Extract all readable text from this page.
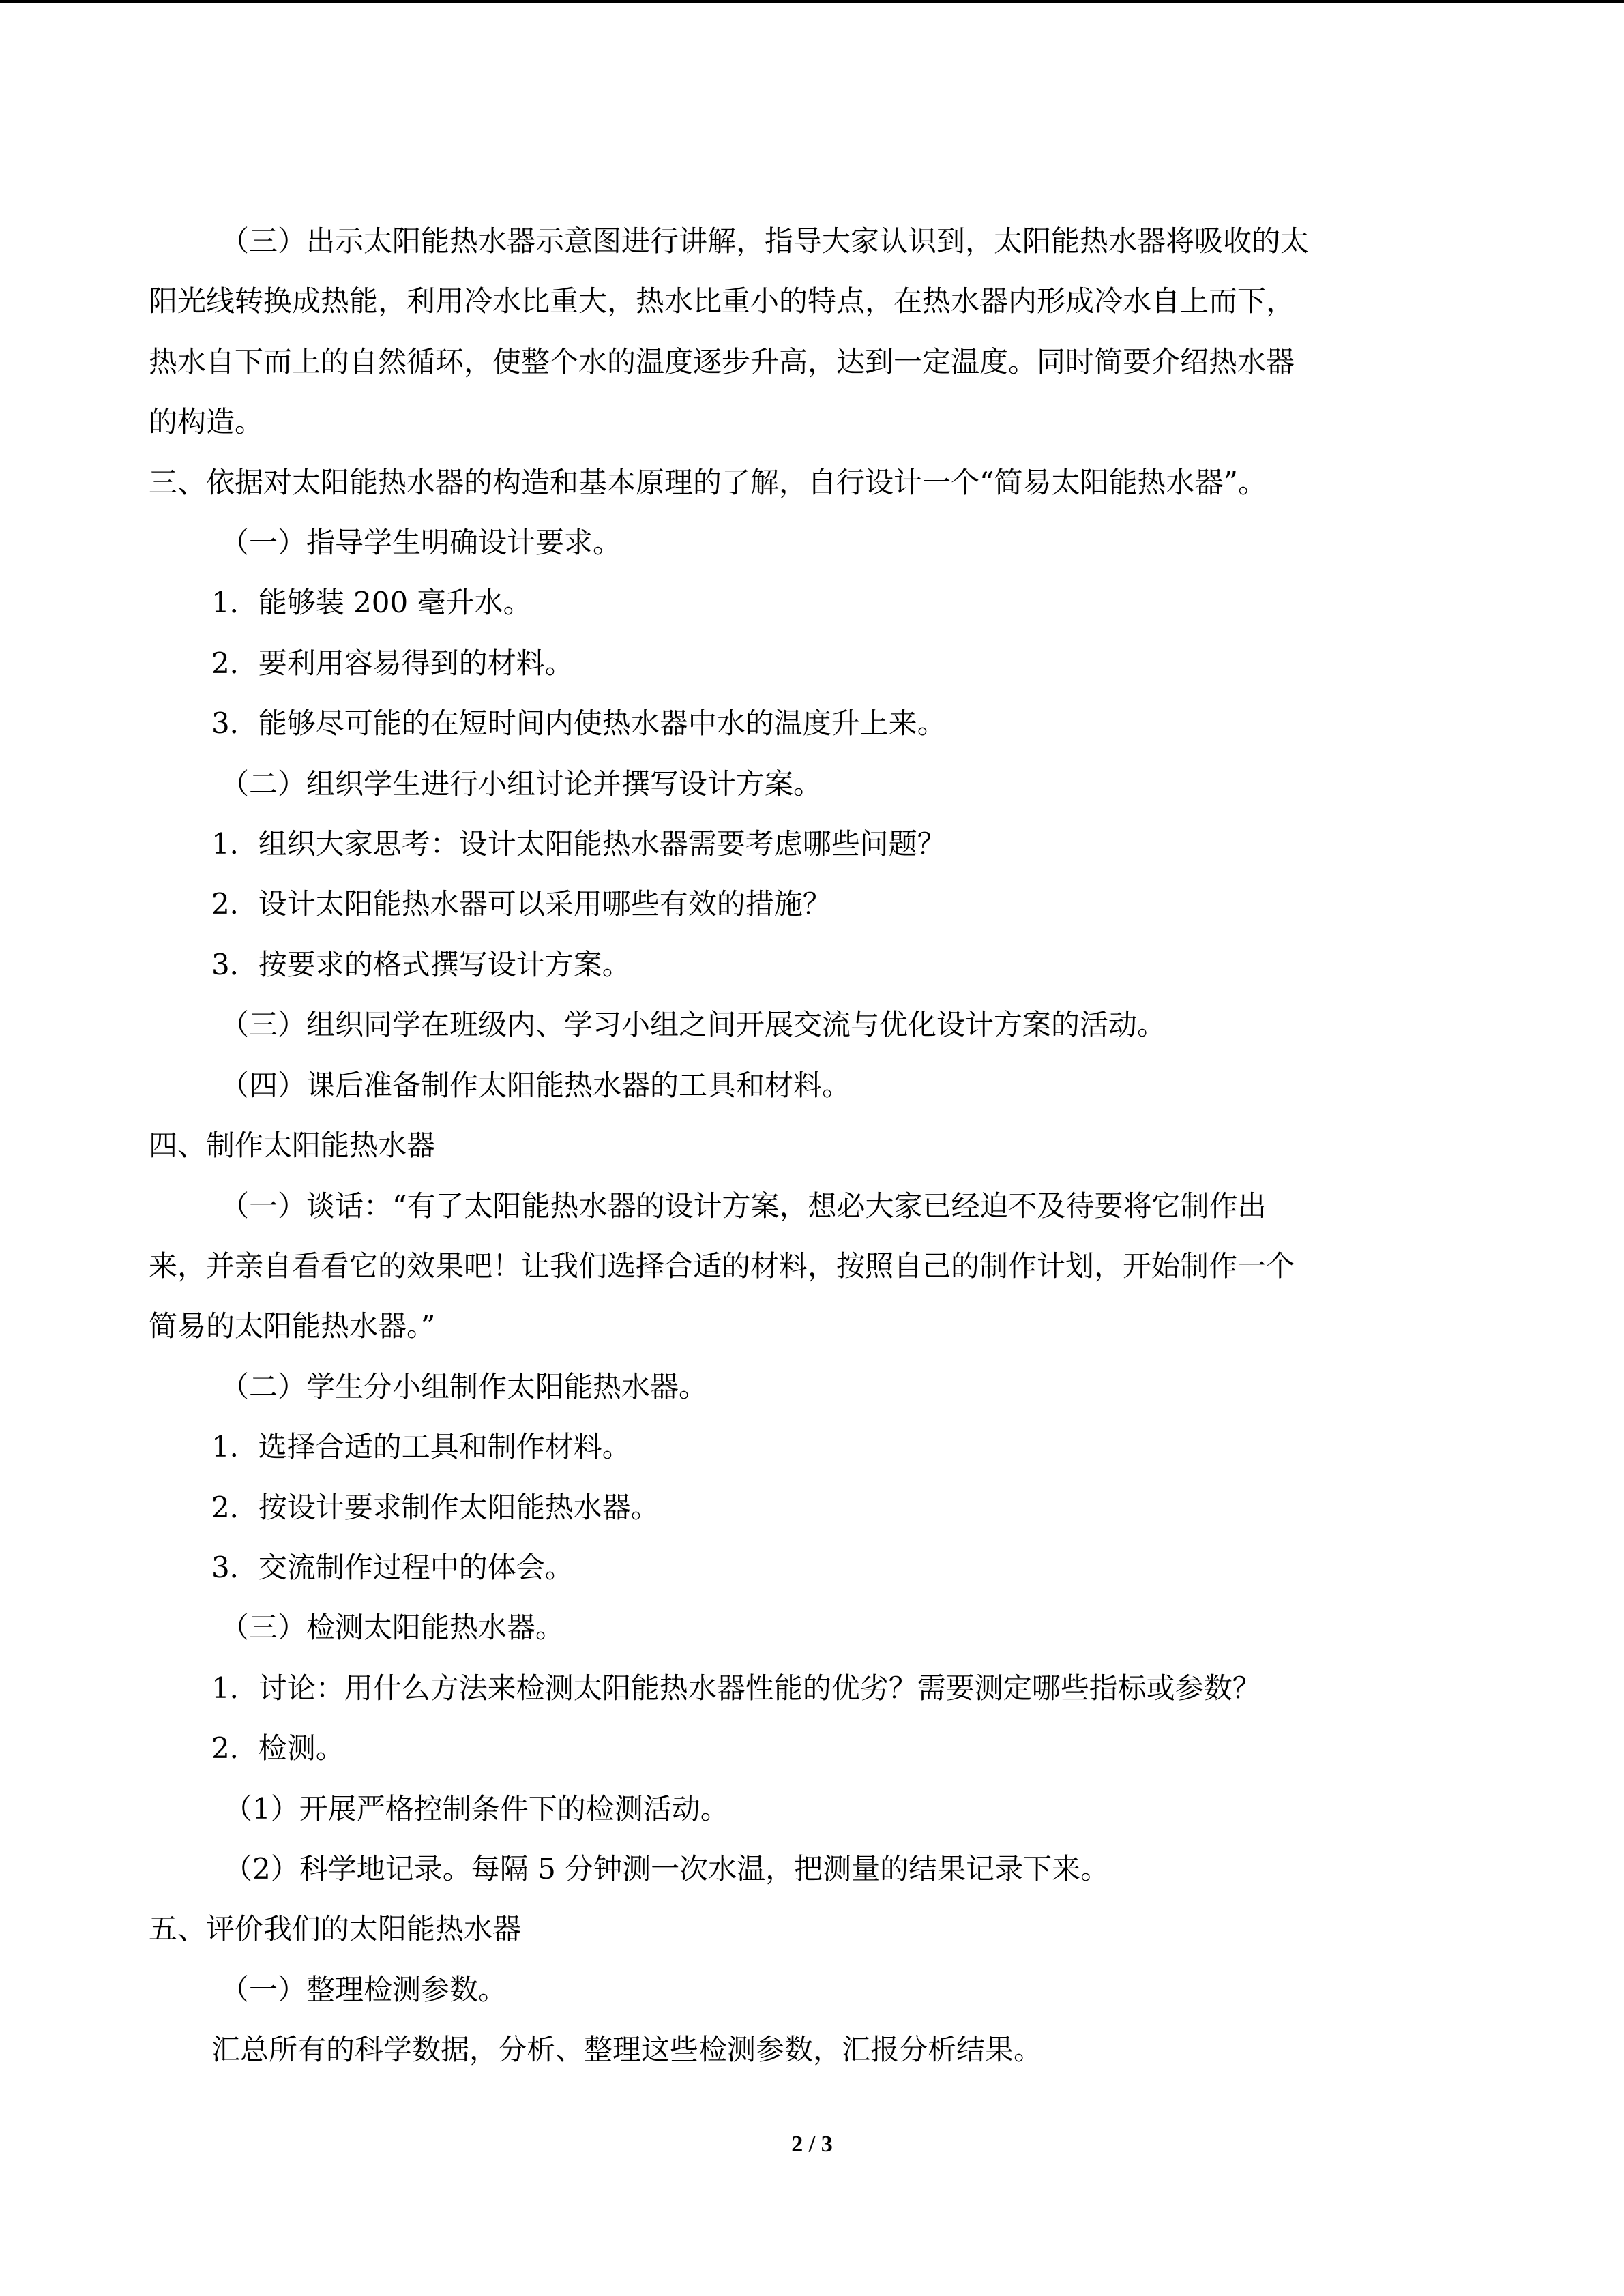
（三）出示太阳能热水器示意图进行讲解，指导大家认识到，太阳能热水器将吸收的太
阳光线转换成热能，利用冷水比重大，热水比重小的特点，在热水器内形成冷水自上而下，
热水自下而上的自然循环，使整个水的温度逐步升高，达到一定温度。同时简要介绍热水器
的构造。
三、依据对太阳能热水器的构造和基本原理的了解，自行设计一个“简易太阳能热水器”。
（一）指导学生明确设计要求。
1．能够装 200 毫升水。
2．要利用容易得到的材料。
3．能够尽可能的在短时间内使热水器中水的温度升上来。
（二）组织学生进行小组讨论并撰写设计方案。
1．组织大家思考：设计太阳能热水器需要考虑哪些问题？
2．设计太阳能热水器可以采用哪些有效的措施？
3．按要求的格式撰写设计方案。
（三）组织同学在班级内、学习小组之间开展交流与优化设计方案的活动。
（四）课后准备制作太阳能热水器的工具和材料。
四、制作太阳能热水器
（一）谈话：“有了太阳能热水器的设计方案，想必大家已经迫不及待要将它制作出
来，并亲自看看它的效果吧！让我们选择合适的材料，按照自己的制作计划，开始制作一个
简易的太阳能热水器。”
（二）学生分小组制作太阳能热水器。
1．选择合适的工具和制作材料。
2．按设计要求制作太阳能热水器。
3．交流制作过程中的体会。
（三）检测太阳能热水器。
1．讨论：用什么方法来检测太阳能热水器性能的优劣？需要测定哪些指标或参数？
2．检测。
（1）开展严格控制条件下的检测活动。
（2）科学地记录。每隔 5 分钟测一次水温，把测量的结果记录下来。
五、评价我们的太阳能热水器
（一）整理检测参数。
汇总所有的科学数据，分析、整理这些检测参数，汇报分析结果。
2 / 3
